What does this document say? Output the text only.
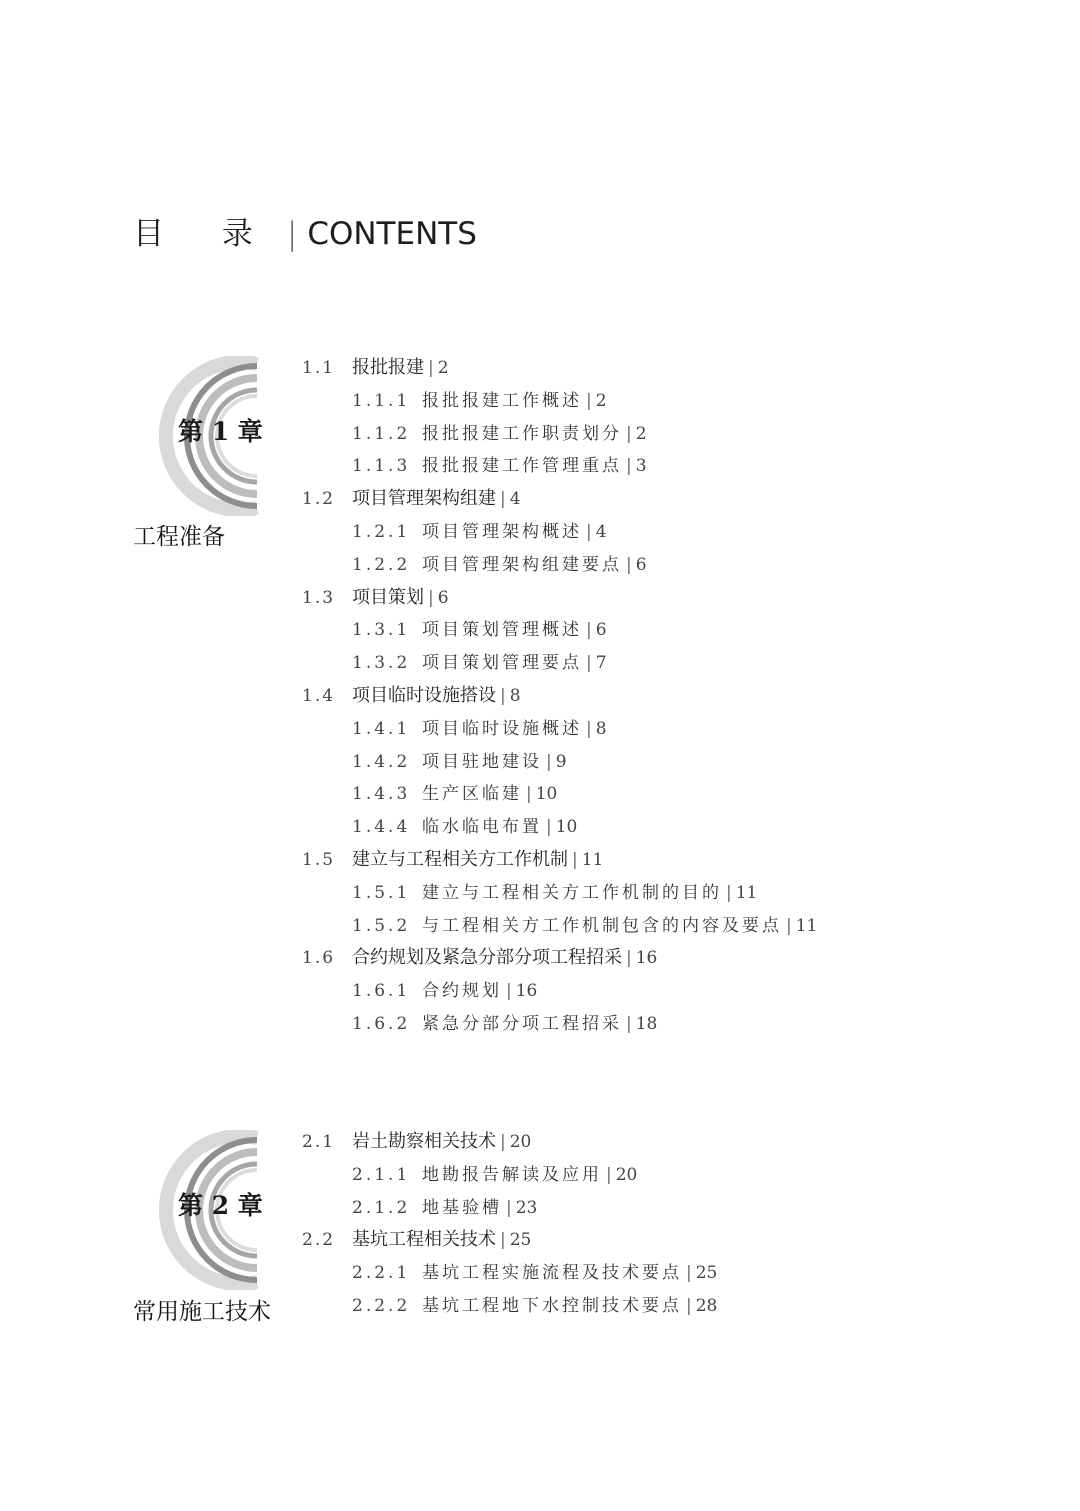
目 录 | CONTENTS
第 1 章
工程准备
1.1 报批报建 | 2
1.1.1 报批报建工作概述 | 2
1.1.2 报批报建工作职责划分 | 2
1.1.3 报批报建工作管理重点 | 3
1.2 项目管理架构组建 | 4
1.2.1 项目管理架构概述 | 4
1.2.2 项目管理架构组建要点 | 6
1.3 项目策划 | 6
1.3.1 项目策划管理概述 | 6
1.3.2 项目策划管理要点 | 7
1.4 项目临时设施搭设 | 8
1.4.1 项目临时设施概述 | 8
1.4.2 项目驻地建设 | 9
1.4.3 生产区临建 | 10
1.4.4 临水临电布置 | 10
1.5 建立与工程相关方工作机制 | 11
1.5.1 建立与工程相关方工作机制的目的 | 11
1.5.2 与工程相关方工作机制包含的内容及要点 | 11
1.6 合约规划及紧急分部分项工程招采 | 16
1.6.1 合约规划 | 16
1.6.2 紧急分部分项工程招采 | 18
第 2 章
常用施工技术
2.1 岩土勘察相关技术 | 20
2.1.1 地勘报告解读及应用 | 20
2.1.2 地基验槽 | 23
2.2 基坑工程相关技术 | 25
2.2.1 基坑工程实施流程及技术要点 | 25
2.2.2 基坑工程地下水控制技术要点 | 28
